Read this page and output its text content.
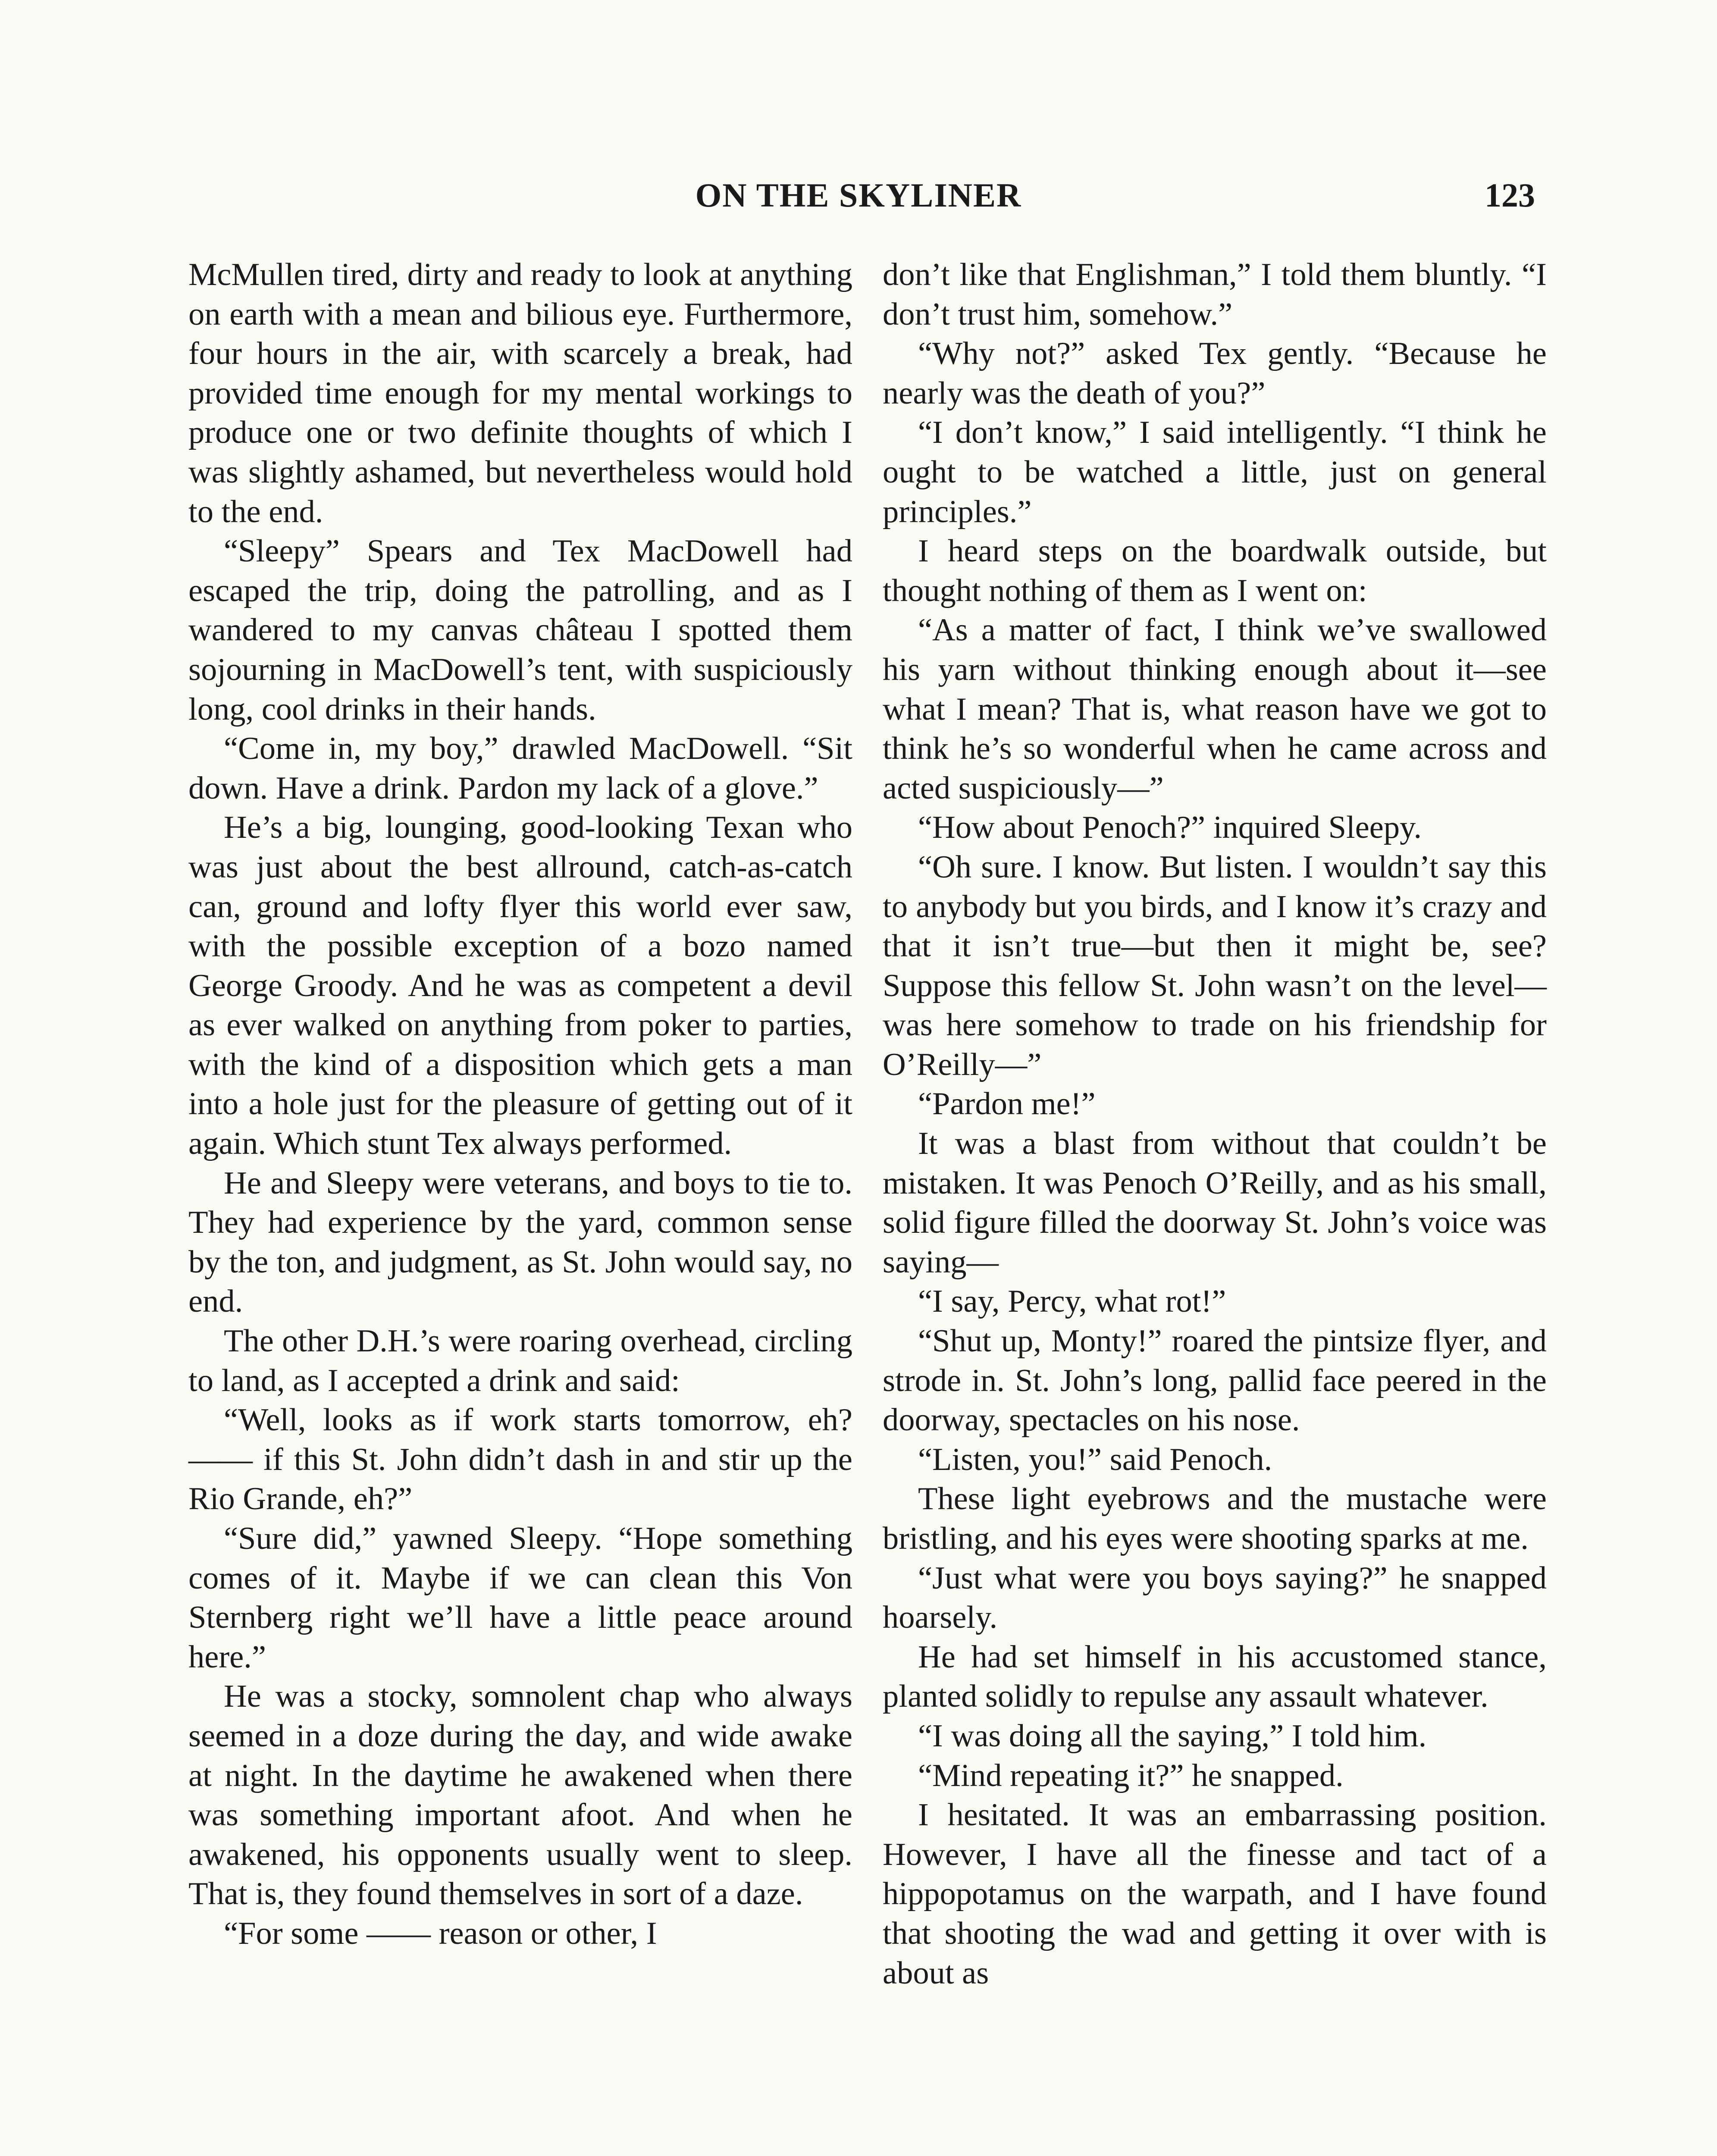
ON THE SKYLINER	123

McMullen tired, dirty and ready to look at anything on earth with a mean and bilious eye. Furthermore, four hours in the air, with scarcely a break, had provided time enough for my mental workings to produce one or two definite thoughts of which I was slightly ashamed, but nevertheless would hold to the end.

“Sleepy” Spears and Tex MacDowell had escaped the trip, doing the patrolling, and as I wandered to my canvas château I spotted them sojourning in MacDowell’s tent, with suspiciously long, cool drinks in their hands.

“Come in, my boy,” drawled MacDowell. “Sit down. Have a drink. Pardon my lack of a glove.”

He’s a big, lounging, good-looking Texan who was just about the best allround, catch-as-catch can, ground and lofty flyer this world ever saw, with the possible exception of a bozo named George Groody. And he was as competent a devil as ever walked on anything from poker to parties, with the kind of a disposition which gets a man into a hole just for the pleasure of getting out of it again. Which stunt Tex always performed.

He and Sleepy were veterans, and boys to tie to. They had experience by the yard, common sense by the ton, and judgment, as St. John would say, no end.

The other D.H.’s were roaring overhead, circling to land, as I accepted a drink and said:

“Well, looks as if work starts tomorrow, eh? —— if this St. John didn’t dash in and stir up the Rio Grande, eh?”

“Sure did,” yawned Sleepy. “Hope something comes of it. Maybe if we can clean this Von Sternberg right we’ll have a little peace around here.”

He was a stocky, somnolent chap who always seemed in a doze during the day, and wide awake at night. In the daytime he awakened when there was something important afoot. And when he awakened, his opponents usually went to sleep. That is, they found themselves in sort of a daze.

“For some —— reason or other, I

don’t like that Englishman,” I told them bluntly. “I don’t trust him, somehow.”

“Why not?” asked Tex gently. “Because he nearly was the death of you?”

“I don’t know,” I said intelligently. “I think he ought to be watched a little, just on general principles.”

I heard steps on the boardwalk outside, but thought nothing of them as I went on:

“As a matter of fact, I think we’ve swallowed his yarn without thinking enough about it—see what I mean? That is, what reason have we got to think he’s so wonderful when he came across and acted suspiciously—”

“How about Penoch?” inquired Sleepy.

“Oh sure. I know. But listen. I wouldn’t say this to anybody but you birds, and I know it’s crazy and that it isn’t true—but then it might be, see? Suppose this fellow St. John wasn’t on the level—was here somehow to trade on his friendship for O’Reilly—”

“Pardon me!”

It was a blast from without that couldn’t be mistaken. It was Penoch O’Reilly, and as his small, solid figure filled the doorway St. John’s voice was saying—

“I say, Percy, what rot!”

“Shut up, Monty!” roared the pintsize flyer, and strode in. St. John’s long, pallid face peered in the doorway, spectacles on his nose.

“Listen, you!” said Penoch.

These light eyebrows and the mustache were bristling, and his eyes were shooting sparks at me.

“Just what were you boys saying?” he snapped hoarsely.

He had set himself in his accustomed stance, planted solidly to repulse any assault whatever.

“I was doing all the saying,” I told him.

“Mind repeating it?” he snapped.

I hesitated. It was an embarrassing position. However, I have all the finesse and tact of a hippopotamus on the warpath, and I have found that shooting the wad and getting it over with is about as
